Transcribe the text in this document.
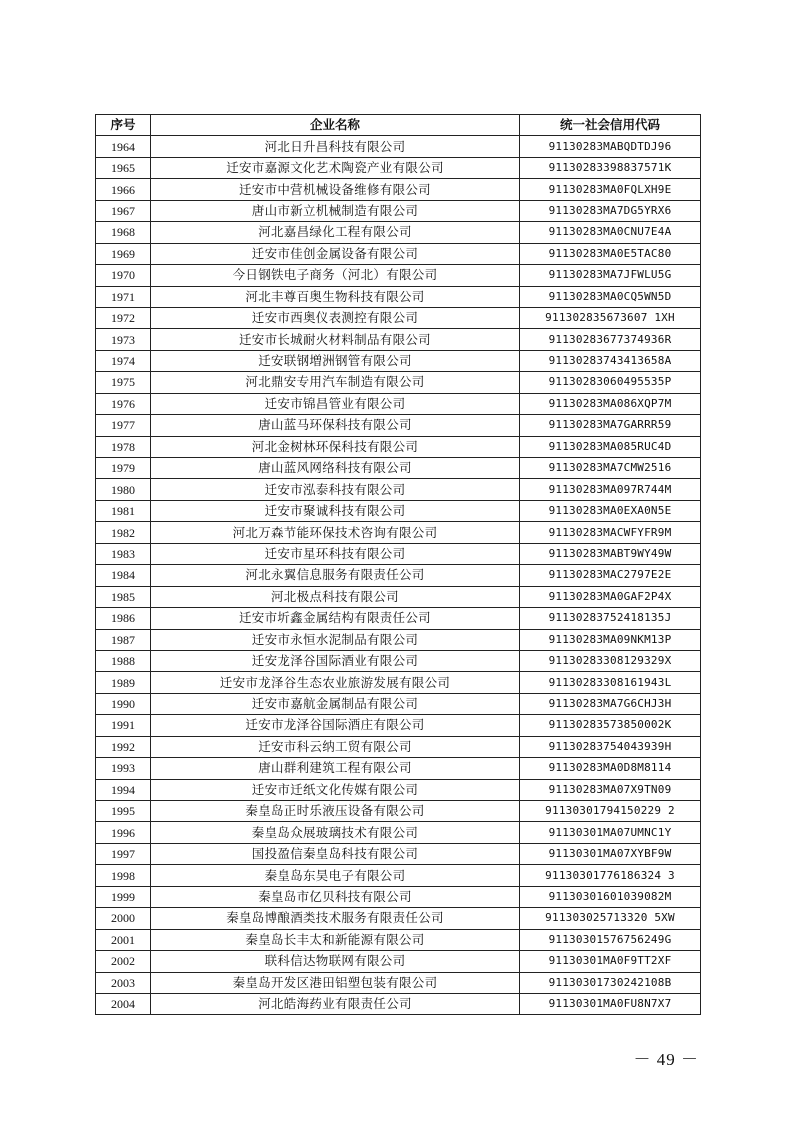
序号	企业名称	统一社会信用代码
1964	河北日升昌科技有限公司	91130283MABQDTDJ96
1965	迁安市嘉源文化艺术陶瓷产业有限公司	91130283398837571K
1966	迁安市中营机械设备维修有限公司	91130283MA0FQLXH9E
1967	唐山市新立机械制造有限公司	91130283MA7DG5YRX6
1968	河北嘉昌绿化工程有限公司	91130283MA0CNU7E4A
1969	迁安市佳创金属设备有限公司	91130283MA0E5TAC80
1970	今日钢铁电子商务（河北）有限公司	91130283MA7JFWLU5G
1971	河北丰尊百奥生物科技有限公司	91130283MA0CQ5WN5D
1972	迁安市西奥仪表测控有限公司	911302835673607 1XH
1973	迁安市长城耐火材料制品有限公司	91130283677374936R
1974	迁安联钢増洲钢管有限公司	91130283743413658A
1975	河北鼎安专用汽车制造有限公司	91130283060495535P
1976	迁安市锦昌管业有限公司	91130283MA086XQP7M
1977	唐山蓝马环保科技有限公司	91130283MA7GARRR59
1978	河北金树林环保科技有限公司	91130283MA085RUC4D
1979	唐山蓝风网络科技有限公司	91130283MA7CMW2516
1980	迁安市泓泰科技有限公司	91130283MA097R744M
1981	迁安市聚诚科技有限公司	91130283MA0EXA0N5E
1982	河北万森节能环保技术咨询有限公司	91130283MACWFYFR9M
1983	迁安市星环科技有限公司	91130283MABT9WY49W
1984	河北永翼信息服务有限责任公司	91130283MAC2797E2E
1985	河北极点科技有限公司	91130283MA0GAF2P4X
1986	迁安市圻鑫金属结构有限责任公司	91130283752418135J
1987	迁安市永恒水泥制品有限公司	91130283MA09NKM13P
1988	迁安龙泽谷国际酒业有限公司	91130283308129329X
1989	迁安市龙泽谷生态农业旅游发展有限公司	91130283308161943L
1990	迁安市嘉航金属制品有限公司	91130283MA7G6CHJ3H
1991	迁安市龙泽谷国际酒庄有限公司	91130283573850002K
1992	迁安市科云纳工贸有限公司	91130283754043939H
1993	唐山群利建筑工程有限公司	91130283MA0D8M8114
1994	迁安市迁纸文化传媒有限公司	91130283MA07X9TN09
1995	秦皇岛正时乐液压设备有限公司	91130301794150229 2
1996	秦皇岛众展玻璃技术有限公司	91130301MA07UMNC1Y
1997	国投盈信秦皇岛科技有限公司	91130301MA07XYBF9W
1998	秦皇岛东昊电子有限公司	91130301776186324 3
1999	秦皇岛市亿贝科技有限公司	91130301601039082M
2000	秦皇岛博酿酒类技术服务有限责任公司	911303025713320 5XW
2001	秦皇岛长丰太和新能源有限公司	91130301576756249G
2002	联科信达物联网有限公司	91130301MA0F9TT2XF
2003	秦皇岛开发区港田铝塑包装有限公司	91130301730242108B
2004	河北皓海药业有限责任公司	91130301MA0FU8N7X7
－ 49 －
